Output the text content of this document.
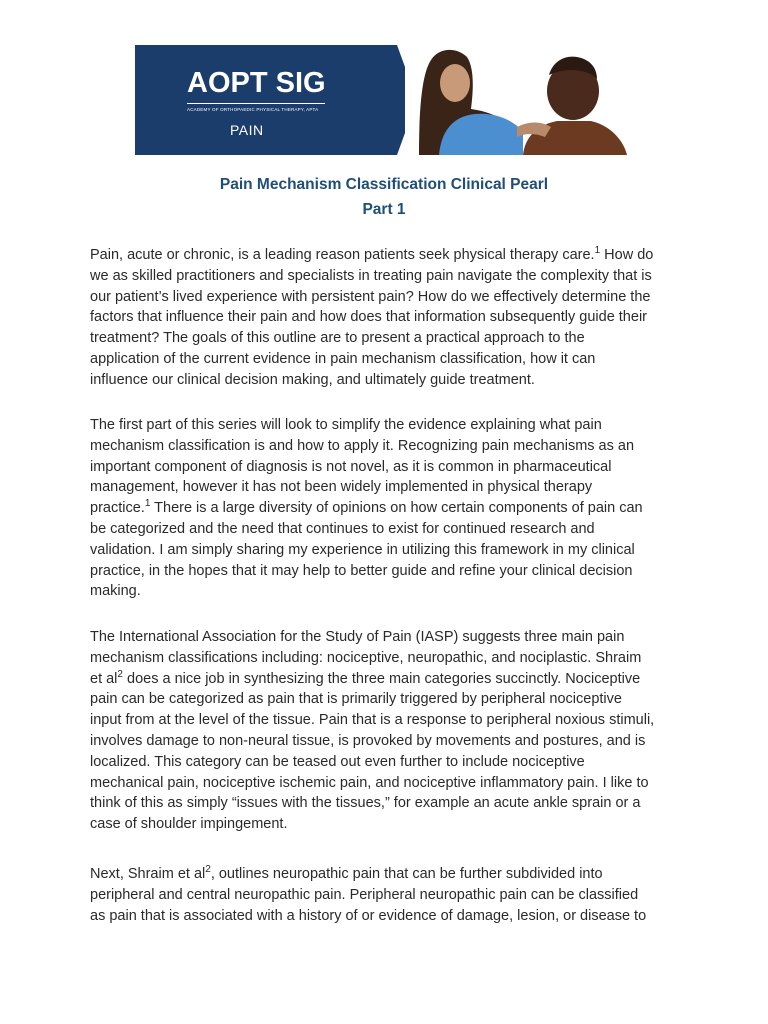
AOPT SIG
ACADEMY OF ORTHOPAEDIC PHYSICAL THERAPY, APTA
PAIN
Pain Mechanism Classification Clinical Pearl
Part 1
Pain, acute or chronic, is a leading reason patients seek physical therapy care.$^1$ How do
we as skilled practitioners and specialists in treating pain navigate the complexity that is
our patient’s lived experience with persistent pain? How do we effectively determine the
factors that influence their pain and how does that information subsequently guide their
treatment? The goals of this outline are to present a practical approach to the
application of the current evidence in pain mechanism classification, how it can
influence our clinical decision making, and ultimately guide treatment.
The first part of this series will look to simplify the evidence explaining what pain
mechanism classification is and how to apply it. Recognizing pain mechanisms as an
important component of diagnosis is not novel, as it is common in pharmaceutical
management, however it has not been widely implemented in physical therapy
practice.$^1$ There is a large diversity of opinions on how certain components of pain can
be categorized and the need that continues to exist for continued research and
validation. I am simply sharing my experience in utilizing this framework in my clinical
practice, in the hopes that it may help to better guide and refine your clinical decision
making.
The International Association for the Study of Pain (IASP) suggests three main pain
mechanism classifications including: nociceptive, neuropathic, and nociplastic. Shraim
et $al^2$ does a nice job in synthesizing the three main categories succinctly. Nociceptive
pain can be categorized as pain that is primarily triggered by peripheral nociceptive
input from at the level of the tissue. Pain that is a response to peripheral noxious stimuli,
involves damage to non-neural tissue, is provoked by movements and postures, and is
localized. This category can be teased out even further to include nociceptive
mechanical pain, nociceptive ischemic pain, and nociceptive inflammatory pain. I like to
think of this as simply “issues with the tissues,” for example an acute ankle sprain or a
case of shoulder impingement.
Next, Shraim et $al^2$, outlines neuropathic pain that can be further subdivided into
peripheral and central neuropathic pain. Peripheral neuropathic pain can be classified
as pain that is associated with a history of or evidence of damage, lesion, or disease to
